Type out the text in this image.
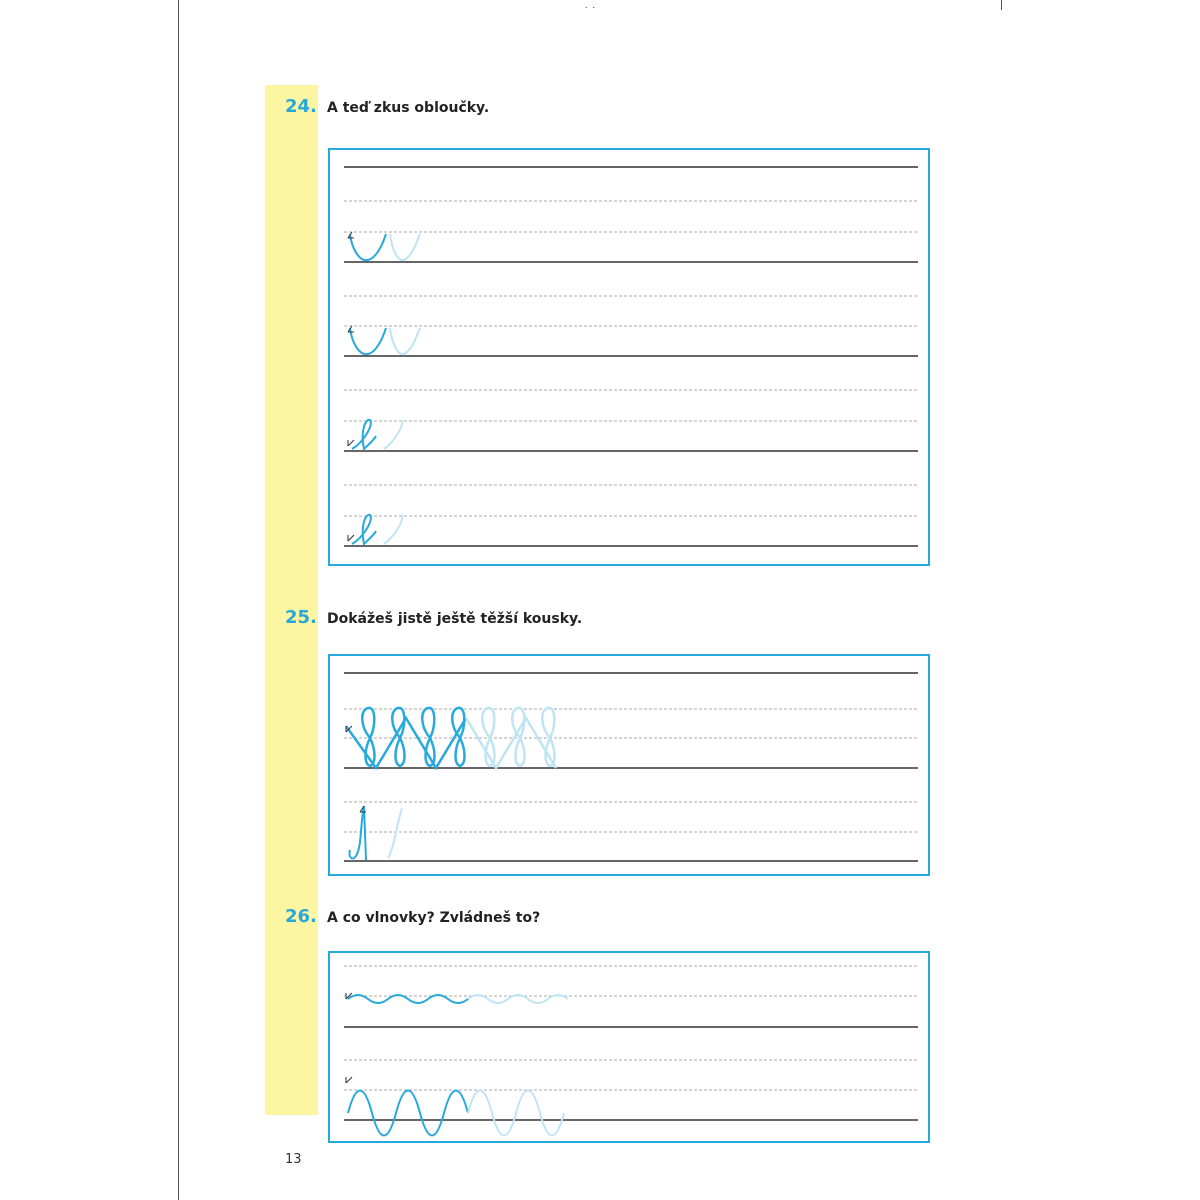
24. A teď zkus obloučky.
25. Dokážeš jistě ještě těžší kousky.
26. A co vlnovky? Zvládneš to?
13
